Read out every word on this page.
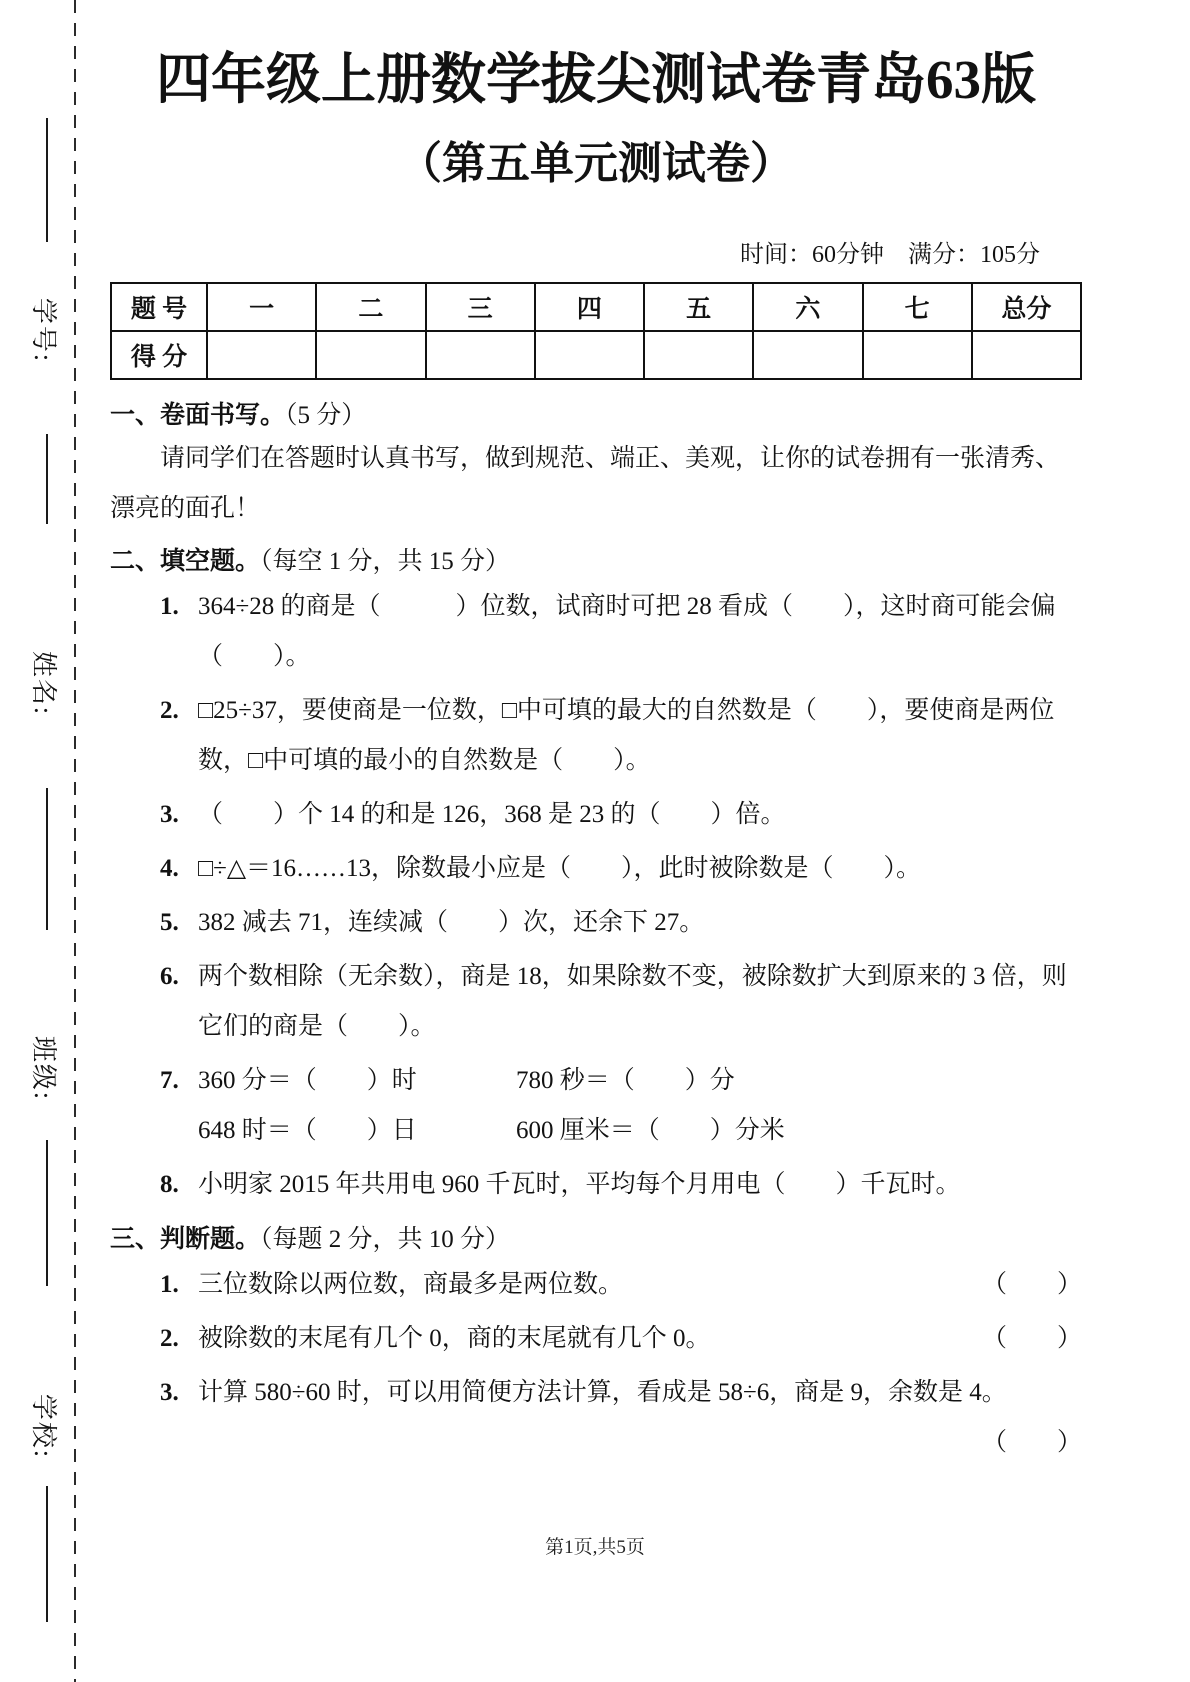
学号:
姓名:
班级:
学校:
四年级上册数学拔尖测试卷青岛63版
（第五单元测试卷）
时间：60分钟　满分：105分
题 号	一	二	三	四	五	六	七	总分
得 分								
一、卷面书写。（5 分）

请同学们在答题时认真书写，做到规范、端正、美观，让你的试卷拥有一张清秀、漂亮的面孔！

二、填空题。（每空 1 分，共 15 分）
1. 364÷28 的商是（　　　）位数，试商时可把 28 看成（　　），这时商可能会偏（　　）。
2. □25÷37，要使商是一位数，□中可填的最大的自然数是（　　），要使商是两位数，□中可填的最小的自然数是（　　）。
3. （　　）个 14 的和是 126，368 是 23 的（　　）倍。
4. □÷△＝16……13，除数最小应是（　　），此时被除数是（　　）。
5. 382 减去 71，连续减（　　）次，还余下 27。
6. 两个数相除（无余数），商是 18，如果除数不变，被除数扩大到原来的 3 倍，则它们的商是（　　）。
7. 360 分＝（　　）时	780 秒＝（　　）分
648 时＝（　　）日	600 厘米＝（　　）分米
8. 小明家 2015 年共用电 960 千瓦时，平均每个月用电（　　）千瓦时。
三、判断题。（每题 2 分，共 10 分）
1. 三位数除以两位数，商最多是两位数。	（　　）
2. 被除数的末尾有几个 0，商的末尾就有几个 0。	（　　）
3. 计算 580÷60 时，可以用简便方法计算，看成是 58÷6，商是 9，余数是 4。
（　　）
第1页,共5页
